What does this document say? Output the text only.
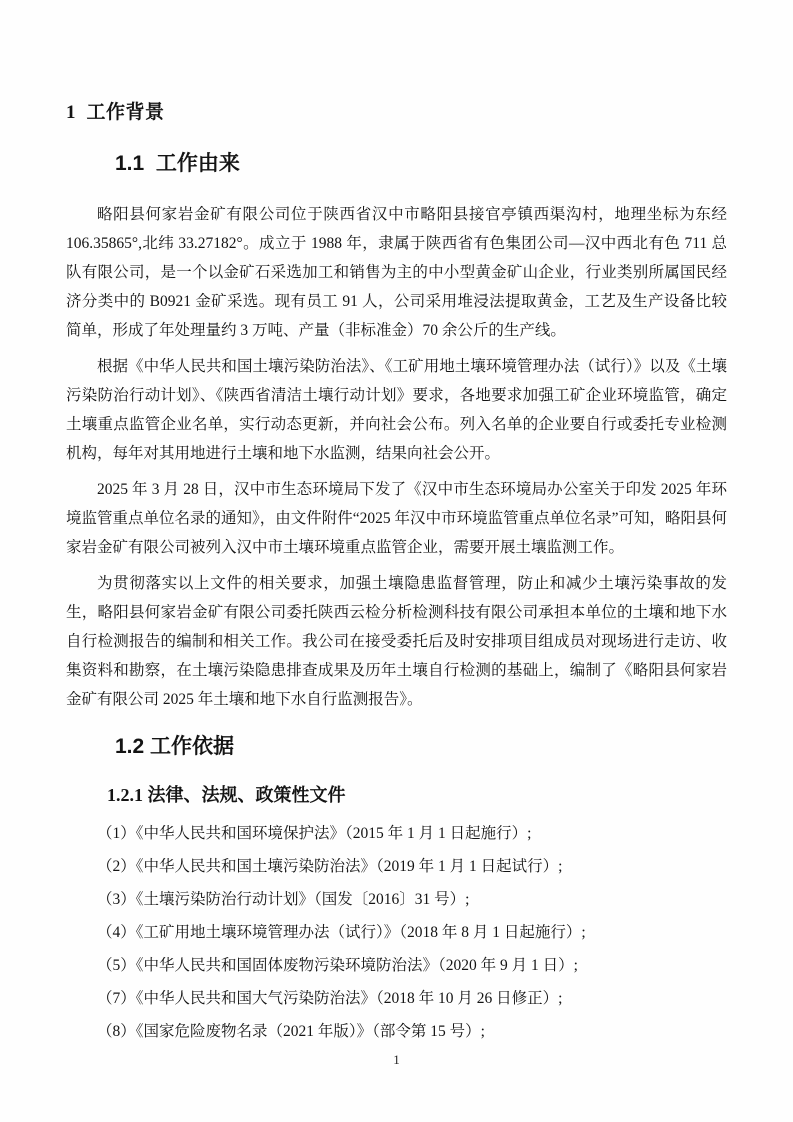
1  工作背景
1.1  工作由来

略阳县何家岩金矿有限公司位于陕西省汉中市略阳县接官亭镇西渠沟村，地理坐标为东经 106.35865°,北纬 33.27182°。成立于 1988 年，隶属于陕西省有色集团公司—汉中西北有色 711 总队有限公司，是一个以金矿石采选加工和销售为主的中小型黄金矿山企业，行业类别所属国民经济分类中的 B0921 金矿采选。现有员工 91 人，公司采用堆浸法提取黄金，工艺及生产设备比较简单，形成了年处理量约 3 万吨、产量（非标准金）70 余公斤的生产线。

根据《中华人民共和国土壤污染防治法》、《工矿用地土壤环境管理办法（试行）》以及《土壤污染防治行动计划》、《陕西省清洁土壤行动计划》要求，各地要求加强工矿企业环境监管，确定土壤重点监管企业名单，实行动态更新，并向社会公布。列入名单的企业要自行或委托专业检测机构，每年对其用地进行土壤和地下水监测，结果向社会公开。

2025 年 3 月 28 日，汉中市生态环境局下发了《汉中市生态环境局办公室关于印发 2025 年环境监管重点单位名录的通知》，由文件附件“2025 年汉中市环境监管重点单位名录”可知，略阳县何家岩金矿有限公司被列入汉中市土壤环境重点监管企业，需要开展土壤监测工作。

为贯彻落实以上文件的相关要求，加强土壤隐患监督管理，防止和减少土壤污染事故的发生，略阳县何家岩金矿有限公司委托陕西云检分析检测科技有限公司承担本单位的土壤和地下水自行检测报告的编制和相关工作。我公司在接受委托后及时安排项目组成员对现场进行走访、收集资料和勘察，在土壤污染隐患排查成果及历年土壤自行检测的基础上，编制了《略阳县何家岩金矿有限公司 2025 年土壤和地下水自行监测报告》。

1.2 工作依据
1.2.1 法律、法规、政策性文件
（1）《中华人民共和国环境保护法》（2015 年 1 月 1 日起施行）;
（2）《中华人民共和国土壤污染防治法》（2019 年 1 月 1 日起试行）;
（3）《土壤污染防治行动计划》（国发〔2016〕31 号）;
（4）《工矿用地土壤环境管理办法（试行）》（2018 年 8 月 1 日起施行）;
（5）《中华人民共和国固体废物污染环境防治法》（2020 年 9 月 1 日）;
（7）《中华人民共和国大气污染防治法》（2018 年 10 月 26 日修正）;
（8）《国家危险废物名录（2021 年版）》（部令第 15 号）;
1
